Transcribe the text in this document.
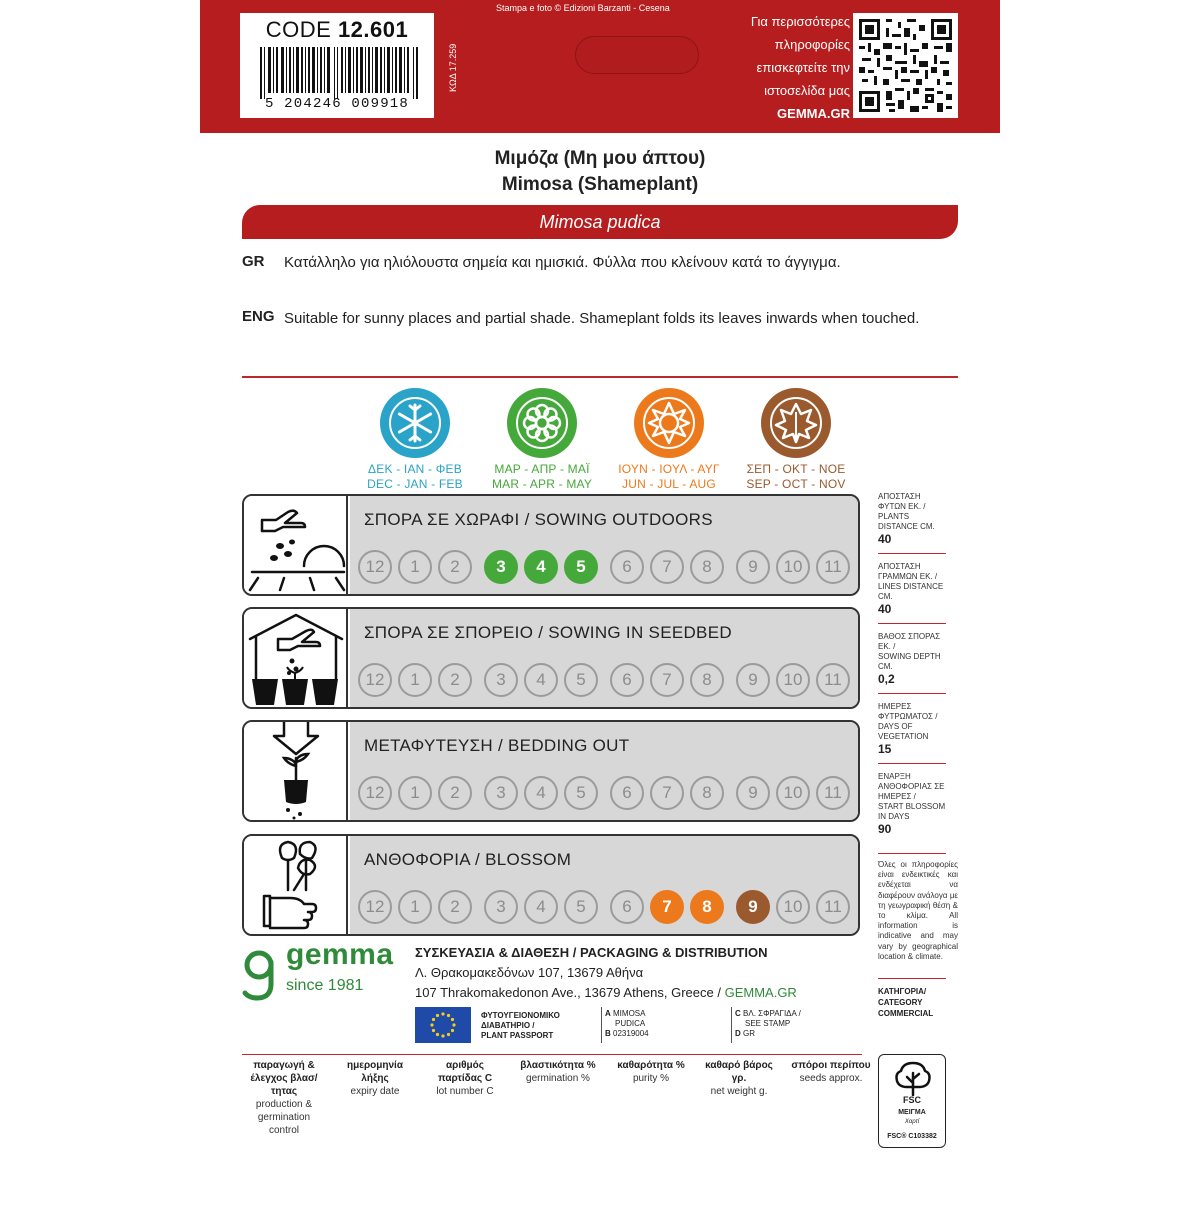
CODE 12.601
5 204246 009918
ΚΩΔ 17.259
Stampa e foto © Edizioni Barzanti - Cesena
Για περισσότερες
πληροφορίες
επισκεφτείτε την
ιστοσελίδα μας
GEMMA.GR
Μιμόζα (Μη μου άπτου)
Mimosa (Shameplant)
Mimosa pudica
GR Κατάλληλο για ηλιόλουστα σημεία και ημισκιά. Φύλλα που κλείνουν κατά το άγγιγμα.
ENG Suitable for sunny places and partial shade. Shameplant folds its leaves inwards when touched.
ΔΕΚ - ΙΑΝ - ΦΕΒ
DEC - JAN - FEB
ΜΑΡ - ΑΠΡ - ΜΑΪ
MAR - APR - MAY
ΙΟΥΝ - ΙΟΥΛ - ΑΥΓ
JUN - JUL - AUG
ΣΕΠ - ΟΚΤ - ΝΟΕ
SEP - OCT - NOV
ΣΠΟΡΑ ΣΕ ΧΩΡΑΦΙ / SOWING OUTDOORS
12	1	2	3	4	5	6	7	8	9	10	11
ΣΠΟΡΑ ΣΕ ΣΠΟΡΕΙΟ / SOWING IN SEEDBED
12	1	2	3	4	5	6	7	8	9	10	11
ΜΕΤΑΦΥΤΕΥΣΗ / BEDDING OUT
12	1	2	3	4	5	6	7	8	9	10	11
ΑΝΘΟΦΟΡΙΑ / BLOSSOM
12	1	2	3	4	5	6	7	8	9	10	11
ΑΠΟΣΤΑΣΗ ΦΥΤΩΝ ΕΚ. /
PLANTS DISTANCE CM.
40
ΑΠΟΣΤΑΣΗ ΓΡΑΜΜΩΝ ΕΚ. /
LINES DISTANCE CM.
40
ΒΑΘΟΣ ΣΠΟΡΑΣ ΕΚ. /
SOWING DEPTH CM.
0,2
ΗΜΕΡΕΣ ΦΥΤΡΩΜΑΤΟΣ /
DAYS OF VEGETATION
15
ΕΝΑΡΞΗ ΑΝΘΟΦΟΡΙΑΣ ΣΕ ΗΜΕΡΕΣ /
START BLOSSOM IN DAYS
90
Όλες οι πληροφορίες είναι ενδεικτικές και ενδέχεται να διαφέρουν ανάλογα με τη γεωγραφική θέση & το κλίμα. All information is indicative and may vary by geographical location & climate.
ΚΑΤΗΓΟΡΙΑ/ CATEGORY
COMMERCIAL
gemma
since 1981
ΣΥΣΚΕΥΑΣΙΑ & ΔΙΑΘΕΣΗ / PACKAGING & DISTRIBUTION
Λ. Θρακομακεδόνων 107, 13679 Αθήνα
107 Thrakomakedonon Ave., 13679 Athens, Greece / GEMMA.GR
ΦΥΤΟΥΓΕΙΟΝΟΜΙΚΟ
ΔΙΑΒΑΤΗΡΙΟ /
PLANT PASSPORT
A MIMOSA
PUDICA
B 02319004
C ΒΛ. ΣΦΡΑΓΙΔΑ /
SEE STAMP
D GR
παραγωγή & έλεγχος βλασ/τητας
production & germination control
ημερομηνία λήξης
expiry date
αριθμός παρτίδας C
lot number C
βλαστικότητα %
germination %
καθαρότητα %
purity %
καθαρό βάρος γρ.
net weight g.
σπόροι περίπου
seeds approx.
FSC
ΜΕΙΓΜΑ
Χαρτί
FSC® C103382
